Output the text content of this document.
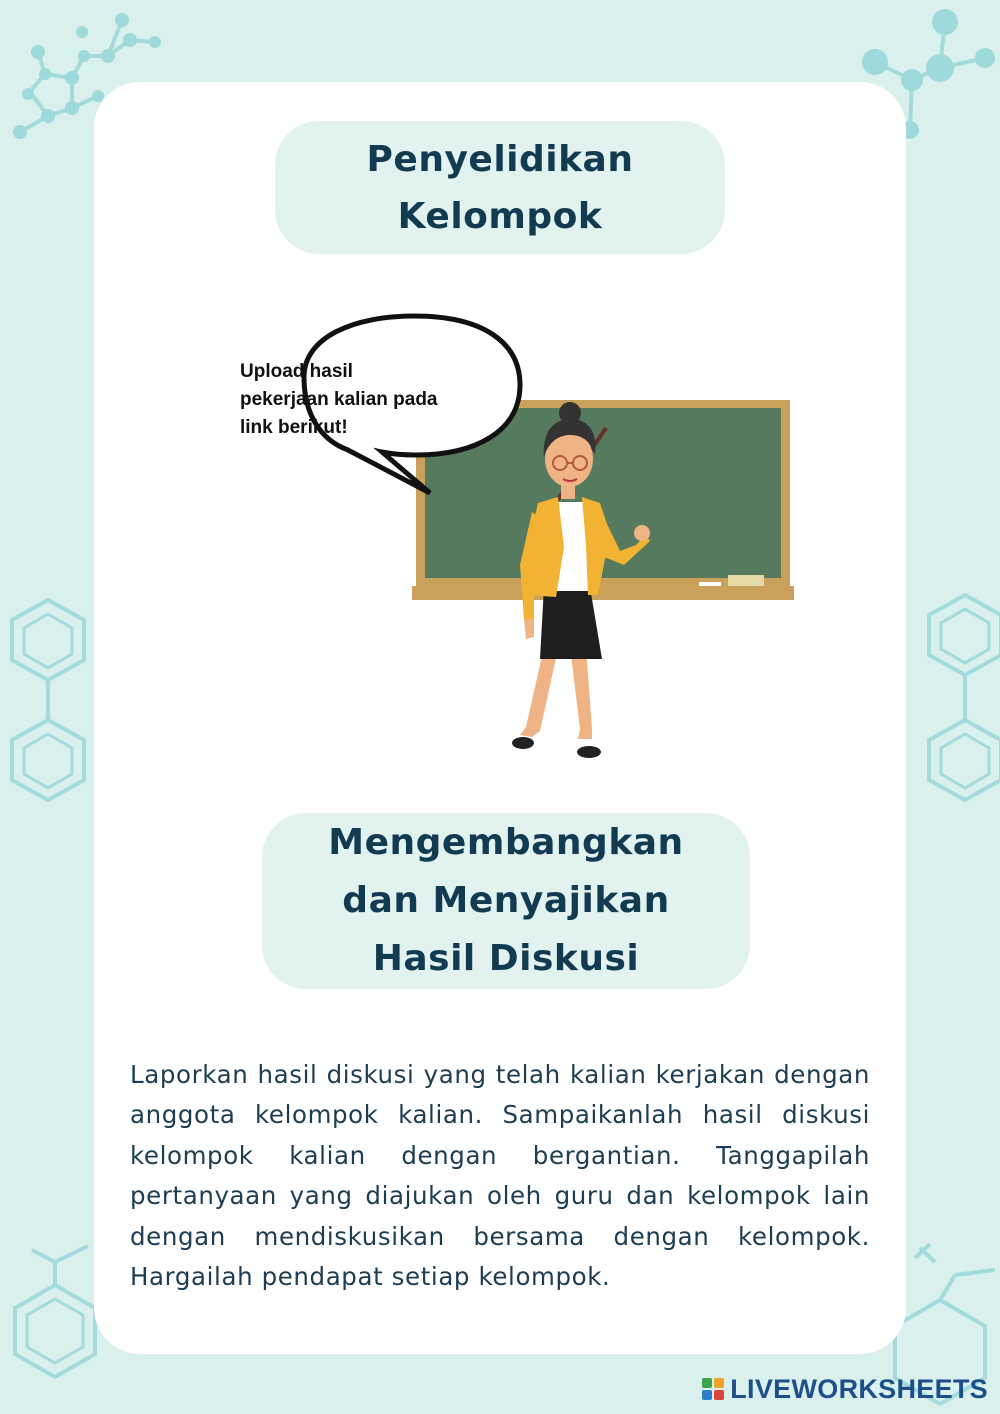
Penyelidikan Kelompok
Upload hasil pekerjaan kalian pada link berikut!
Mengembangkan dan Menyajikan Hasil Diskusi

Laporkan hasil diskusi yang telah kalian kerjakan dengan anggota kelompok kalian. Sampaikanlah hasil diskusi kelompok kalian dengan bergantian. Tanggapilah pertanyaan yang diajukan oleh guru dan kelompok lain dengan mendiskusikan bersama dengan kelompok. Hargailah pendapat setiap kelompok.

LIVEWORKSHEETS
